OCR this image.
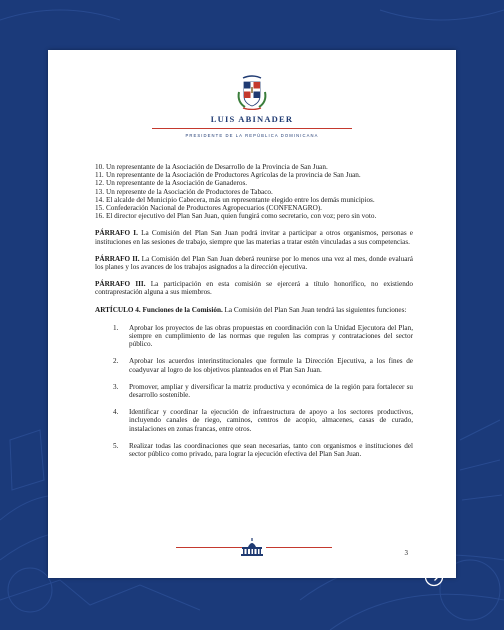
LUIS ABINADER
PRESIDENTE DE LA REPÚBLICA DOMINICANA
10. Un representante de la Asociación de Desarrollo de la Provincia de San Juan.
11. Un representante de la Asociación de Productores Agrícolas de la provincia de San Juan.
12. Un representante de la Asociación de Ganaderos.
13. Un represente de la Asociación de Productores de Tabaco.
14. El alcalde del Municipio Cabecera, más un representante elegido entre los demás municipios.
15. Confederación Nacional de Productores Agropecuarios (CONFENAGRO).
16. El director ejecutivo del Plan San Juan, quien fungirá como secretario, con voz; pero sin voto.

PÁRRAFO I. La Comisión del Plan San Juan podrá invitar a participar a otros organismos, personas e instituciones en las sesiones de trabajo, siempre que las materias a tratar estén vinculadas a sus competencias.

PÁRRAFO II. La Comisión del Plan San Juan deberá reunirse por lo menos una vez al mes, donde evaluará los planes y los avances de los trabajos asignados a la dirección ejecutiva.

PÁRRAFO III. La participación en esta comisión se ejercerá a título honorífico, no existiendo contraprestación alguna a sus miembros.

ARTÍCULO 4. Funciones de la Comisión. La Comisión del Plan San Juan tendrá las siguientes funciones:

1.	Aprobar los proyectos de las obras propuestas en coordinación con la Unidad Ejecutora del Plan, siempre en cumplimiento de las normas que regulen las compras y contrataciones del sector público.
2.	Aprobar los acuerdos interinstitucionales que formule la Dirección Ejecutiva, a los fines de coadyuvar al logro de los objetivos planteados en el Plan San Juan.
3.	Promover, ampliar y diversificar la matriz productiva y económica de la región para fortalecer su desarrollo sostenible.
4.	Identificar y coordinar la ejecución de infraestructura de apoyo a los sectores productivos, incluyendo canales de riego, caminos, centros de acopio, almacenes, casas de curado, instalaciones en zonas francas, entre otros.
5.	Realizar todas las coordinaciones que sean necesarias, tanto con organismos e instituciones del sector público como privado, para lograr la ejecución efectiva del Plan San Juan.
3
